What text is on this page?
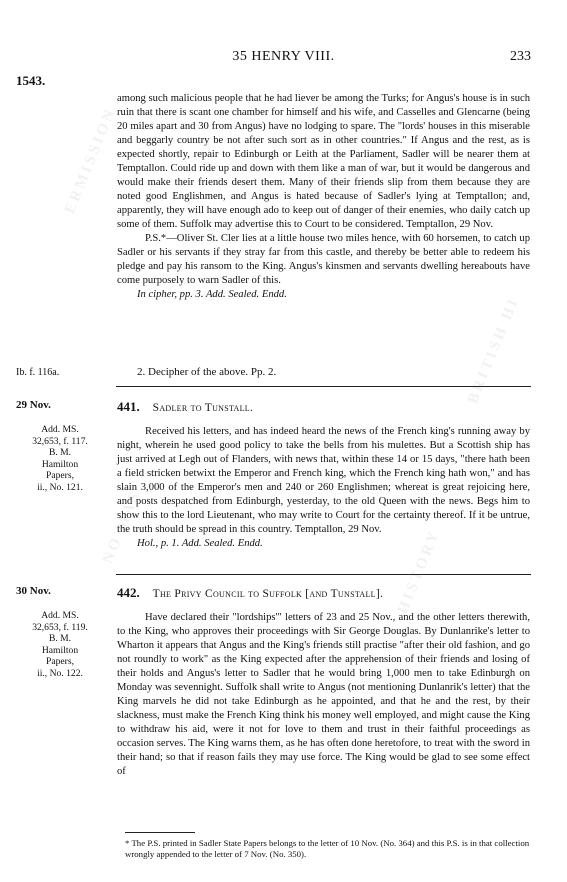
ERMISSION
BRITISH HI
NO MAS
HISTORY
35 HENRY VIII.	233
1543.

among such malicious people that he had liever be among the Turks; for Angus's house is in such ruin that there is scant one chamber for himself and his wife, and Casselles and Glencarne (being 20 miles apart and 30 from Angus) have no lodging to spare. The "lords' houses in this miserable and beggarly country be not after such sort as in other countries." If Angus and the rest, as is expected shortly, repair to Edinburgh or Leith at the Parliament, Sadler will be nearer them at Temptallon. Could ride up and down with them like a man of war, but it would be dangerous and would make their friends desert them. Many of their friends slip from them because they are noted good Englishmen, and Angus is hated because of Sadler's lying at Temptallon; and, apparently, they will have enough ado to keep out of danger of their enemies, who daily catch up some of them. Suffolk may advertise this to Court to be considered. Temptallon, 29 Nov.

P.S.*—Oliver St. Cler lies at a little house two miles hence, with 60 horsemen, to catch up Sadler or his servants if they stray far from this castle, and thereby be better able to redeem his pledge and pay his ransom to the King. Angus's kinsmen and servants dwelling hereabouts have come purposely to warn Sadler of this.

In cipher, pp. 3. Add. Sealed. Endd.
Ib. f. 116a.	2. Decipher of the above. Pp. 2.
29 Nov.	441. Sadler to Tunstall.
Add. MS.
32,653, f. 117.
B. M.
Hamilton
Papers,
ii., No. 121.

Received his letters, and has indeed heard the news of the French king's running away by night, wherein he used good policy to take the bells from his mulettes. But a Scottish ship has just arrived at Legh out of Flanders, with news that, within these 14 or 15 days, "there hath been a field stricken betwixt the Emperor and French king, which the French king hath won," and has slain 3,000 of the Emperor's men and 240 or 260 Englishmen; whereat is great rejoicing here, and posts despatched from Edinburgh, yesterday, to the old Queen with the news. Begs him to show this to the lord Lieutenant, who may write to Court for the certainty thereof. If it be untrue, the truth should be spread in this country. Temptallon, 29 Nov.

Hol., p. 1. Add. Sealed. Endd.
30 Nov.	442. The Privy Council to Suffolk [and Tunstall].
Add. MS.
32,653, f. 119.
B. M.
Hamilton
Papers,
ii., No. 122.

Have declared their "lordships'" letters of 23 and 25 Nov., and the other letters therewith, to the King, who approves their proceedings with Sir George Douglas. By Dunlanrike's letter to Wharton it appears that Angus and the King's friends still practise "after their old fashion, and go not roundly to work" as the King expected after the apprehension of their friends and losing of their holds and Angus's letter to Sadler that he would bring 1,000 men to take Edinburgh on Monday was sevennight. Suffolk shall write to Angus (not mentioning Dunlanrik's letter) that the King marvels he did not take Edinburgh as he appointed, and that he and the rest, by their slackness, must make the French King think his money well employed, and might cause the King to withdraw his aid, were it not for love to them and trust in their faithful proceedings as occasion serves. The King warns them, as he has often done heretofore, to treat with the sword in their hand; so that if reason fails they may use force. The King would be glad to see some effect of

* The P.S. printed in Sadler State Papers belongs to the letter of 10 Nov. (No. 364) and this P.S. is in that collection wrongly appended to the letter of 7 Nov. (No. 350).
